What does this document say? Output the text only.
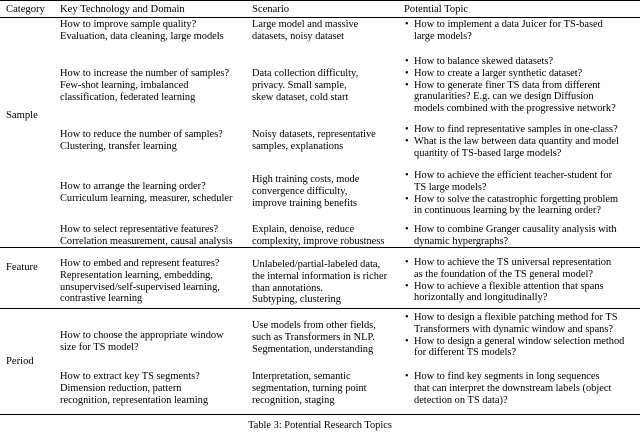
Category Key Technology and Domain	Scenario	Potential Topic
Sample
Feature
Period
How to improve sample quality?
Evaluation, data cleaning, large models
Large model and massive
datasets, noisy dataset
• How to implement a data Juicer for TS-based
large models?
How to increase the number of samples?
Few-shot learning, imbalanced
classification, federated learning
Data collection difficulty,
privacy. Small sample,
skew dataset, cold start
• How to balance skewed datasets?
• How to create a larger synthetic dataset?
• How to generate finer TS data from different
granularities? E.g. can we design Diffusion
models combined with the progressive network?
How to reduce the number of samples?
Clustering, transfer learning
Noisy datasets, representative
samples, explanations
• How to find representative samples in one-class?
• What is the law between data quantity and model
quantity of TS-based large models?
How to arrange the learning order?
Curriculum learning, measurer, scheduler
High training costs, mode
convergence difficulty,
improve training benefits
• How to achieve the efficient teacher-student for
TS large models?
• How to solve the catastrophic forgetting problem
in continuous learning by the learning order?
How to select representative features?
Correlation measurement, causal analysis
Explain, denoise, reduce
complexity, improve robustness
• How to combine Granger causality analysis with
dynamic hypergraphs?
How to embed and represent features?
Representation learning, embedding,
unsupervised/self-supervised learning,
contrastive learning
Unlabeled/partial-labeled data,
the internal information is richer
than annotations.
Subtyping, clustering
• How to achieve the TS universal representation
as the foundation of the TS general model?
• How to achieve a flexible attention that spans
horizontally and longitudinally?
How to choose the appropriate window
size for TS model?
Use models from other fields,
such as Transformers in NLP.
Segmentation, understanding
• How to design a flexible patching method for TS
Transformers with dynamic window and spans?
• How to design a general window selection method
for different TS models?
How to extract key TS segments?
Dimension reduction, pattern
recognition, representation learning
Interpretation, semantic
segmentation, turning point
recognition, staging
• How to find key segments in long sequences
that can interpret the downstream labels (object
detection on TS data)?
Table 3: Potential Research Topics
